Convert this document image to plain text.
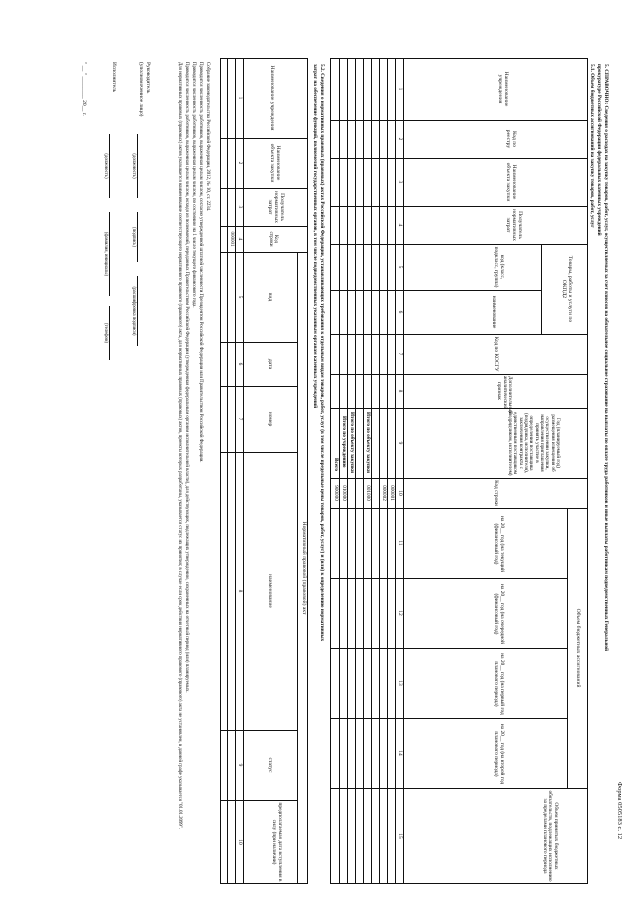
Форма 0505183 с. 12
5. СПРАВОЧНО: Сведения о расходах на закупку товаров, работ, услуг, осуществляемых за счет взносов на обязательное социальное страхование на выплаты по оплате труда работников и иные выплаты работникам подведомственных Генеральной
прокуратуре Российской Федерации федеральных казенных учреждений
5.1. Объем бюджетных ассигнований на закупку товаров, работ, услуг
Наименование учреждения
Код по реестру
Наименование объекта закупки
Получатель нормативных затрат
Товары, работы и услуги по ОКПД2
код (класс, подкласс, группа)
наименование
Код по КОСГУ
Дополнительный аналитический признак
Год (планируемый год) размещения извещения об осуществлении закупки, направления приглашения принять участие в определении поставщика (подрядчика, исполнителя), заключения контракта с единственным поставщиком (подрядчиком, исполнителем)
Код строки
Объем бюджетных ассигнований
на 20__ год (на текущий (финансовый год)
на 20__ год (на очередной (финансовый год)
на 20__ год (на первый год планового периода)
на 20__ год (на второй год планового периода)
Объем принятых бюджетных обязательств, подлежащих исполнению за пределами планового периода
1
2
3
4
5
6
7
8
9
10
11
12
13
14
15
000001
000002
Итого по объекту закупки
001000
Итого по объекту закупки
Итого по учреждению
010000
Всего
900000
5.2. Сведения о нормативных правовых (правовых) актах Российской Федерации, устанавливающих требования к отдельным видам товаров, работ, услуг (в том числе предельные цены товаров, работ, услуг) и (или) к определению нормативных
затрат на обеспечение функций, полномочий государственных органов, в том числе подведомственных указанным органам казенных учреждений
Наименование учреждения
Наименование объекта закупки
Получатель нормативных затрат
Код строки
Нормативный правовой (правовой) акт
вид
дата
номер
наименование
статус
предполагаемая дата вступления в силу (при наличии)
1
2
3
4
5
6
7
8
9
10
000001
Собрание законодательства Российской Федерации, 2012, № 10, ст. 2234.
Приводится численность работников, выраженная целым числом, согласно утвержденной штатной численности Президентом Российской Федерации или Правительством Российской Федерации.
Приводится численность работников, выраженная целым числом, по состоянию на 1 число текущего финансового года.
Приводится численность работников, выраженная целым числом, исходя из полномочий, переданных Правительством Российской Федерации (утвержденная федеральным органом исполнительной власти), для действующих, подлежащих утверждению, сохраненных на отчетный период (или) планируемых.
Для нормативных правовых (правовых) актов указывается наименование соответствующего нормативного правового (правового) акта, для нормативных правовых (правовых) актов, проекты которых разработаны, указывается статус их принятия; в случае если срок действия нормативного правового (правового) акта не установлен, в данной графе указывается "01.01.2099".
Руководитель
(уполномоченное лицо)
(должность)
(подпись)
(расшифровка подписи)
Исполнитель
(должность)
(фамилия, инициалы)
(телефон)
" __ " ________ 20__ г.
